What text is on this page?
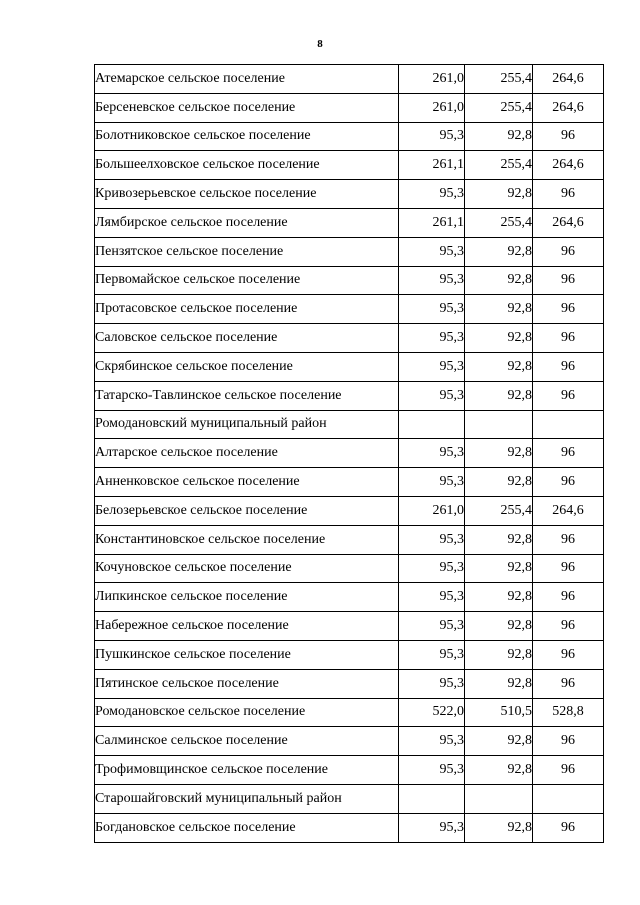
8
Атемарское сельское поселение	261,0	255,4	264,6
Берсеневское сельское поселение	261,0	255,4	264,6
Болотниковское сельское поселение	95,3	92,8	96
Большеелховское сельское поселение	261,1	255,4	264,6
Кривозерьевское сельское поселение	95,3	92,8	96
Лямбирское сельское поселение	261,1	255,4	264,6
Пензятское сельское поселение	95,3	92,8	96
Первомайское сельское поселение	95,3	92,8	96
Протасовское сельское поселение	95,3	92,8	96
Саловское сельское поселение	95,3	92,8	96
Скрябинское сельское поселение	95,3	92,8	96
Татарско-Тавлинское сельское поселение	95,3	92,8	96
Ромодановский муниципальный район			
Алтарское сельское поселение	95,3	92,8	96
Анненковское сельское поселение	95,3	92,8	96
Белозерьевское сельское поселение	261,0	255,4	264,6
Константиновское сельское поселение	95,3	92,8	96
Кочуновское сельское поселение	95,3	92,8	96
Липкинское сельское поселение	95,3	92,8	96
Набережное сельское поселение	95,3	92,8	96
Пушкинское сельское поселение	95,3	92,8	96
Пятинское сельское поселение	95,3	92,8	96
Ромодановское сельское поселение	522,0	510,5	528,8
Салминское сельское поселение	95,3	92,8	96
Трофимовщинское сельское поселение	95,3	92,8	96
Старошайговский муниципальный район			
Богдановское сельское поселение	95,3	92,8	96
